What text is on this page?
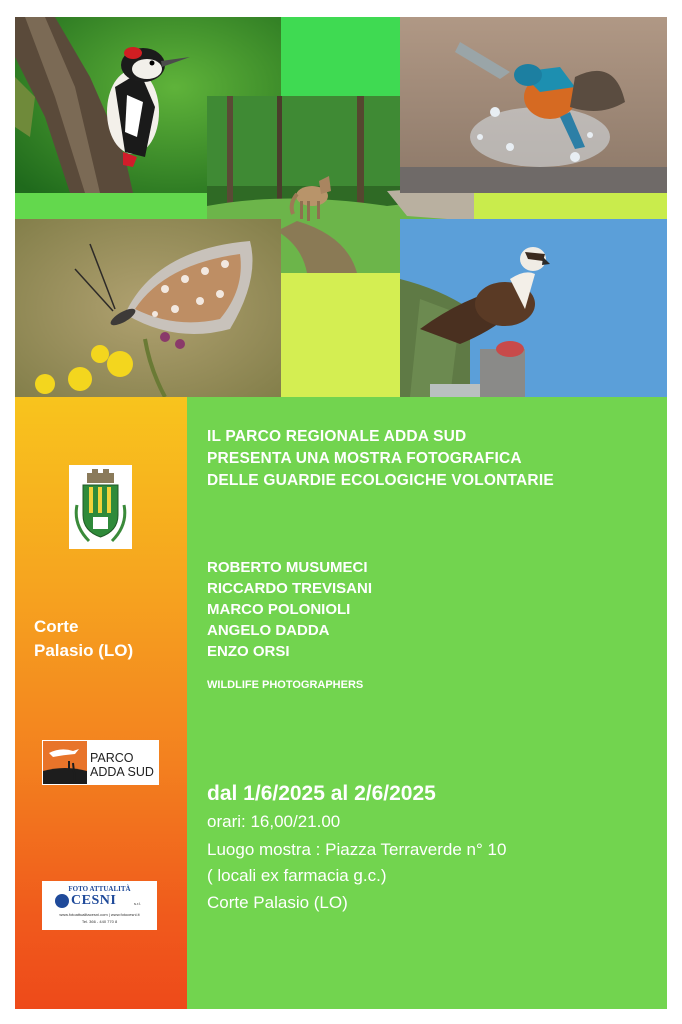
IL PARCO REGIONALE ADDA SUD
PRESENTA UNA MOSTRA FOTOGRAFICA
DELLE GUARDIE ECOLOGICHE VOLONTARIE
ROBERTO MUSUMECI
RICCARDO TREVISANI
MARCO POLONIOLI
ANGELO DADDA
ENZO ORSI
WILDLIFE PHOTOGRAPHERS
dal 1/6/2025 al 2/6/2025
orari: 16,00/21.00
Luogo mostra : Piazza Terraverde n° 10
( locali ex farmacia g.c.)
Corte Palasio (LO)
Corte
Palasio (LO)
PARCO
ADDA SUD
FOTO ATTUALITÀ
CESNI	s.r.l.
www.fotoattualitacesni.com | www.fotocesni.it
Tel. 366 - 440 770 8
